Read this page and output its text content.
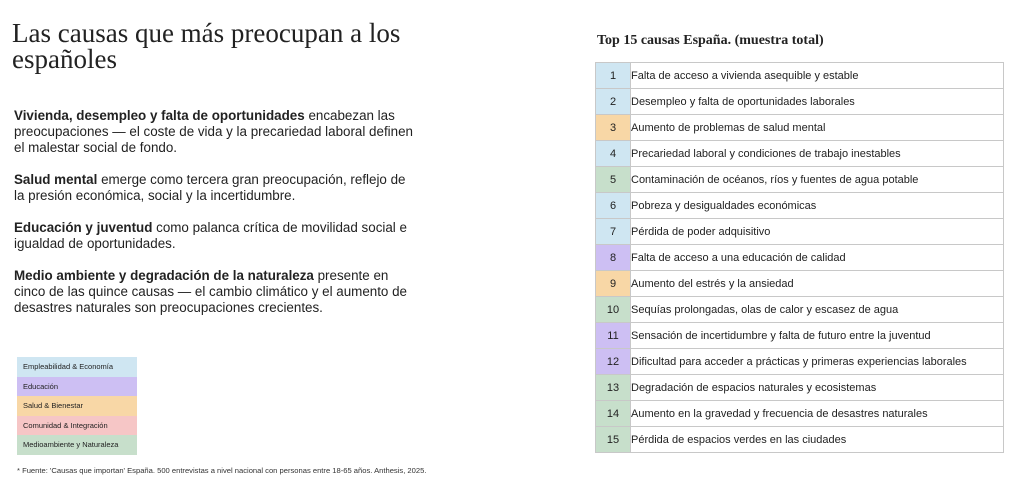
Las causas que más preocupan a los españoles

Vivienda, desempleo y falta de oportunidades encabezan las preocupaciones — el coste de vida y la precariedad laboral definen el malestar social de fondo.

Salud mental emerge como tercera gran preocupación, reflejo de la presión económica, social y la incertidumbre.

Educación y juventud como palanca crítica de movilidad social e igualdad de oportunidades.

Medio ambiente y degradación de la naturaleza presente en cinco de las quince causas — el cambio climático y el aumento de desastres naturales son preocupaciones crecientes.

Empleabilidad & Economía
Educación
Salud & Bienestar
Comunidad & Integración
Medioambiente y Naturaleza
* Fuente: 'Causas que importan' España. 500 entrevistas a nivel nacional con personas entre 18-65 años. Anthesis, 2025.
Top 15 causas España. (muestra total)
1	Falta de acceso a vivienda asequible y estable
2	Desempleo y falta de oportunidades laborales
3	Aumento de problemas de salud mental
4	Precariedad laboral y condiciones de trabajo inestables
5	Contaminación de océanos, ríos y fuentes de agua potable
6	Pobreza y desigualdades económicas
7	Pérdida de poder adquisitivo
8	Falta de acceso a una educación de calidad
9	Aumento del estrés y la ansiedad
10	Sequías prolongadas, olas de calor y escasez de agua
11	Sensación de incertidumbre y falta de futuro entre la juventud
12	Dificultad para acceder a prácticas y primeras experiencias laborales
13	Degradación de espacios naturales y ecosistemas
14	Aumento en la gravedad y frecuencia de desastres naturales
15	Pérdida de espacios verdes en las ciudades
